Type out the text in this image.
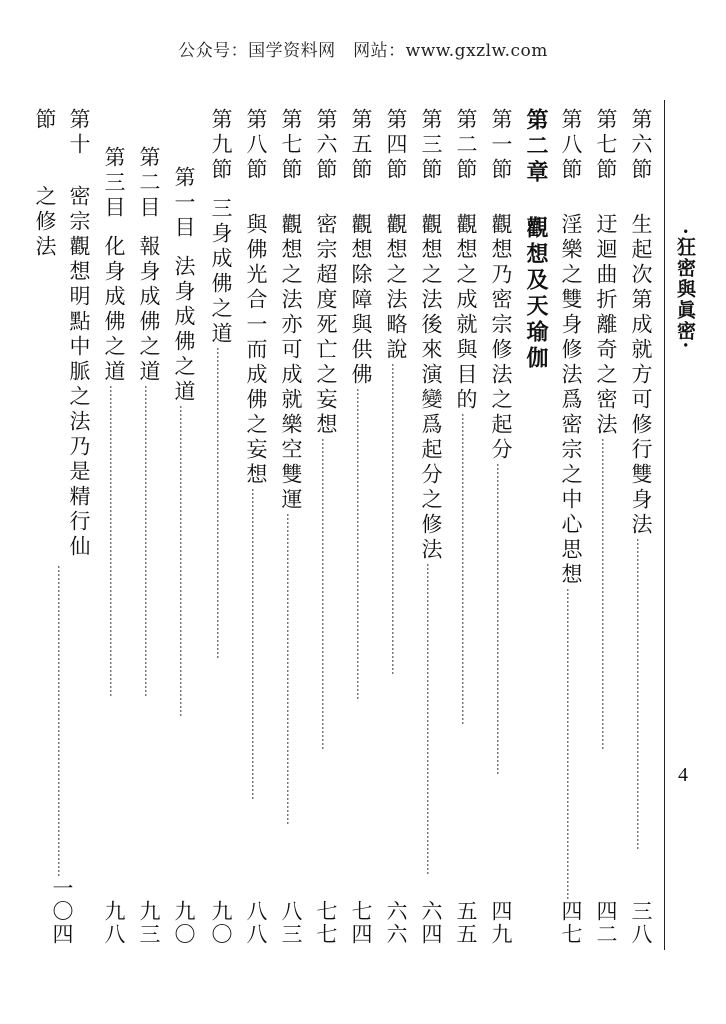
公众号：国学资料网　网站：www.gxzlw.com
·狂密與眞密·
4
第六節
生起次第成就方可修行雙身法
……………………………………………………………………
三八
第七節
迂迴曲折離奇之密法
……………………………………………………………………
四二
第八節
淫樂之雙身修法爲密宗之中心思想
……………………………………………………………………
四七
第二章
觀想及天瑜伽
第一節
觀想乃密宗修法之起分
……………………………………………………………………
四九
第二節
觀想之成就與目的
……………………………………………………………………
五五
第三節
觀想之法後來演變爲起分之修法
……………………………………………………………………
六四
第四節
觀想之法略說
……………………………………………………………………
六六
第五節
觀想除障與供佛
……………………………………………………………………
七四
第六節
密宗超度死亡之妄想
……………………………………………………………………
七七
第七節
觀想之法亦可成就樂空雙運
……………………………………………………………………
八三
第八節
與佛光合一而成佛之妄想
……………………………………………………………………
八八
第九節
三身成佛之道
……………………………………………………………………
九〇
第一目
法身成佛之道
……………………………………………………………………
九〇
第二目
報身成佛之道
……………………………………………………………………
九三
第三目
化身成佛之道
……………………………………………………………………
九八
第十節
密宗觀想明點中脈之法乃是精行仙之修法
……………………………………………………………………
一〇四
